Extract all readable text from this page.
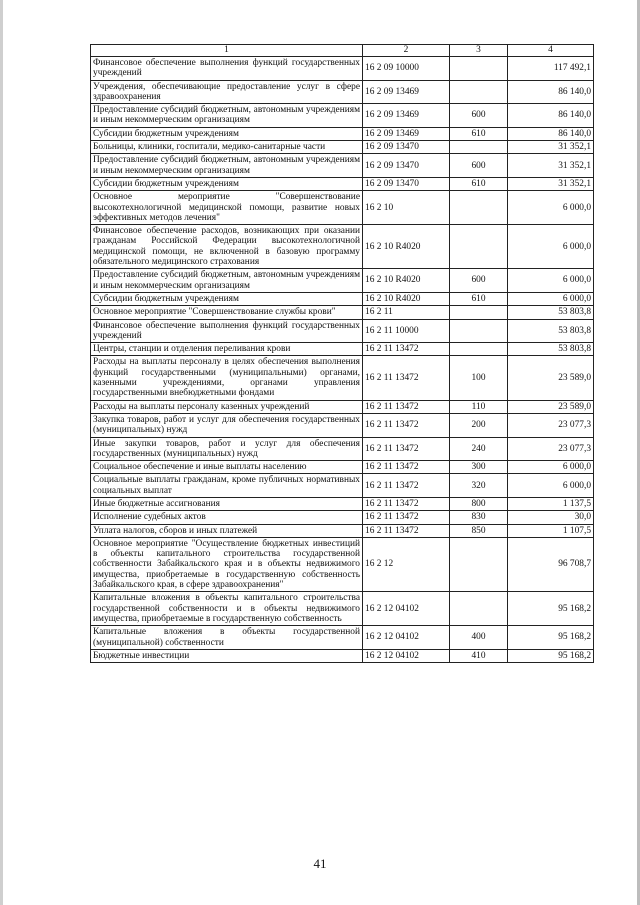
1	2	3	4
Финансовое обеспечение выполнения функций государственных учреждений	16 2 09 10000		117 492,1
Учреждения, обеспечивающие предоставление услуг в сфере здравоохранения	16 2 09 13469		86 140,0
Предоставление субсидий бюджетным, автономным учреждениям и иным некоммерческим организациям	16 2 09 13469	600	86 140,0
Субсидии бюджетным учреждениям	16 2 09 13469	610	86 140,0
Больницы, клиники, госпитали, медико-санитарные части	16 2 09 13470		31 352,1
Предоставление субсидий бюджетным, автономным учреждениям и иным некоммерческим организациям	16 2 09 13470	600	31 352,1
Субсидии бюджетным учреждениям	16 2 09 13470	610	31 352,1
Основное мероприятие "Совершенствование высокотехнологичной медицинской помощи, развитие новых эффективных методов лечения"	16 2 10		6 000,0
Финансовое обеспечение расходов, возникающих при оказании гражданам Российской Федерации высокотехнологичной медицинской помощи, не включенной в базовую программу обязательного медицинского страхования	16 2 10 R4020		6 000,0
Предоставление субсидий бюджетным, автономным учреждениям и иным некоммерческим организациям	16 2 10 R4020	600	6 000,0
Субсидии бюджетным учреждениям	16 2 10 R4020	610	6 000,0
Основное мероприятие "Совершенствование службы крови"	16 2 11		53 803,8
Финансовое обеспечение выполнения функций государственных учреждений	16 2 11 10000		53 803,8
Центры, станции и отделения переливания крови	16 2 11 13472		53 803,8
Расходы на выплаты персоналу в целях обеспечения выполнения функций государственными (муниципальными) органами, казенными учреждениями, органами управления государственными внебюджетными фондами	16 2 11 13472	100	23 589,0
Расходы на выплаты персоналу казенных учреждений	16 2 11 13472	110	23 589,0
Закупка товаров, работ и услуг для обеспечения государственных (муниципальных) нужд	16 2 11 13472	200	23 077,3
Иные закупки товаров, работ и услуг для обеспечения государственных (муниципальных) нужд	16 2 11 13472	240	23 077,3
Социальное обеспечение и иные выплаты населению	16 2 11 13472	300	6 000,0
Социальные выплаты гражданам, кроме публичных нормативных социальных выплат	16 2 11 13472	320	6 000,0
Иные бюджетные ассигнования	16 2 11 13472	800	1 137,5
Исполнение судебных актов	16 2 11 13472	830	30,0
Уплата налогов, сборов и иных платежей	16 2 11 13472	850	1 107,5
Основное мероприятие "Осуществление бюджетных инвестиций в объекты капитального строительства государственной собственности Забайкальского края и в объекты недвижимого имущества, приобретаемые в государственную собственность Забайкальского края, в сфере здравоохранения"	16 2 12		96 708,7
Капитальные вложения в объекты капитального строительства государственной собственности и в объекты недвижимого имущества, приобретаемые в государственную собственность	16 2 12 04102		95 168,2
Капитальные вложения в объекты государственной (муниципальной) собственности	16 2 12 04102	400	95 168,2
Бюджетные инвестиции	16 2 12 04102	410	95 168,2
41
